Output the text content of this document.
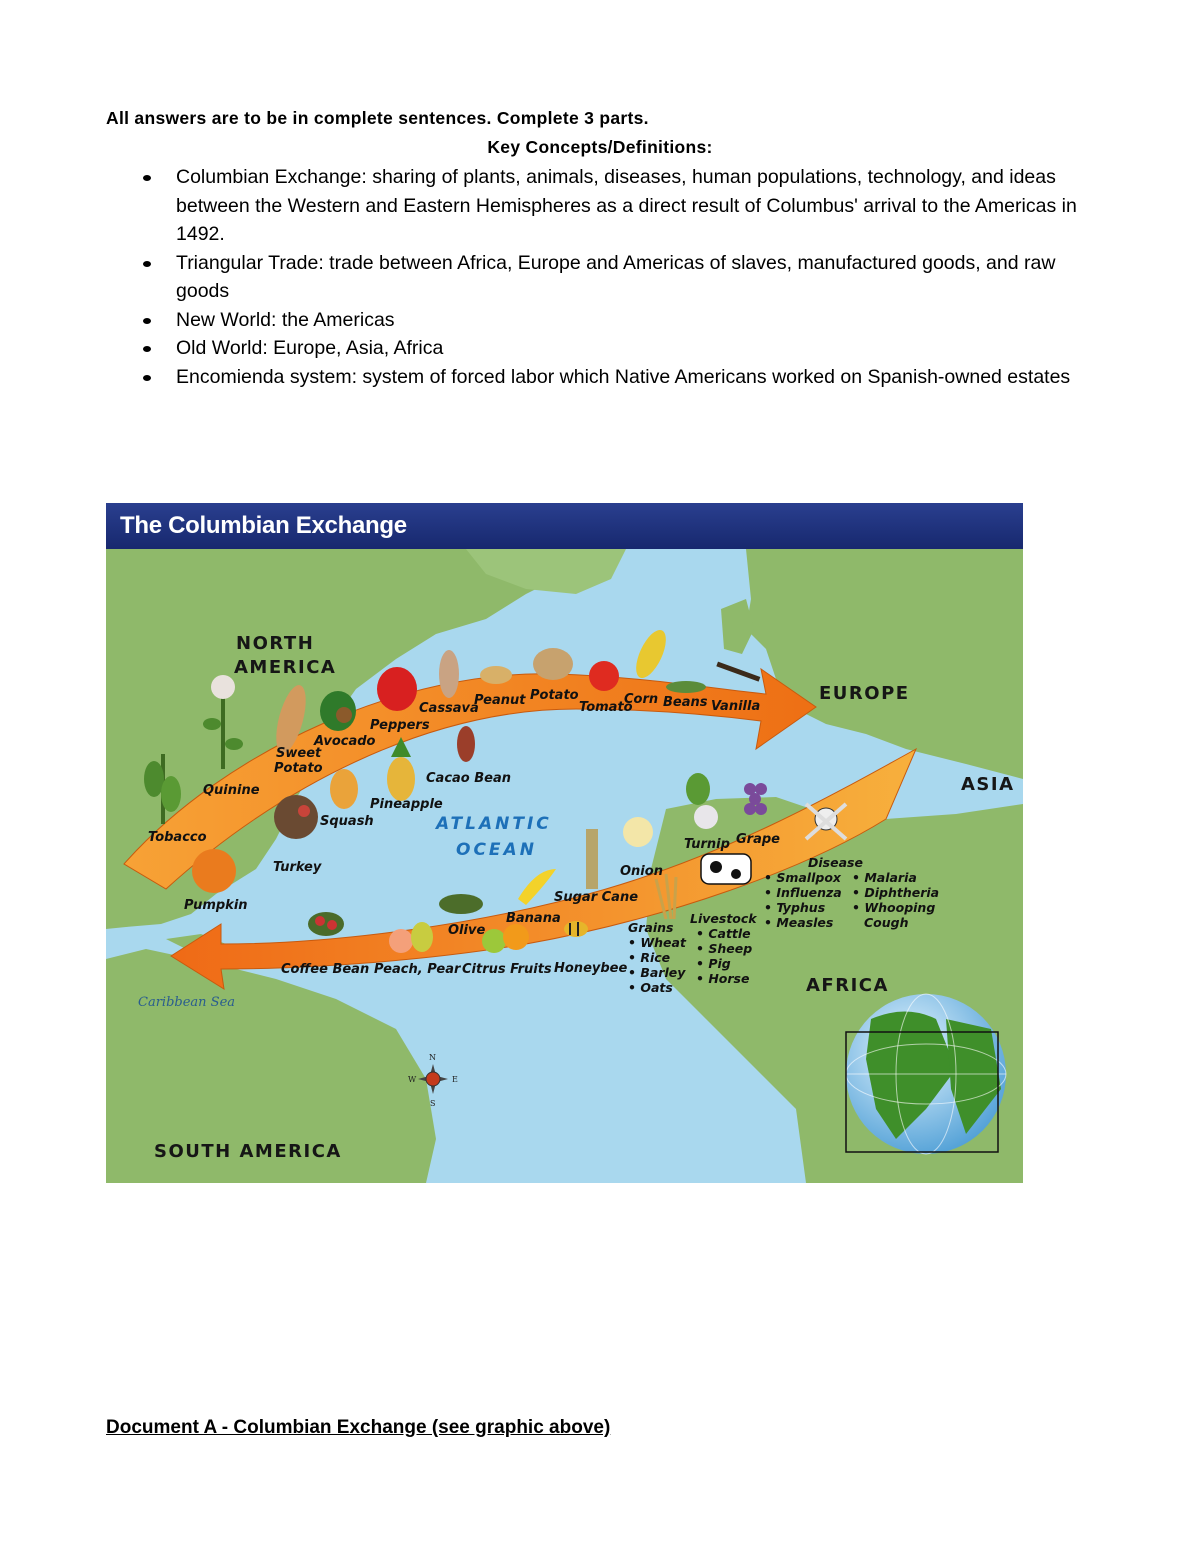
All answers are to be in complete sentences. Complete 3 parts.
Key Concepts/Definitions:
Columbian Exchange: sharing of plants, animals, diseases, human populations, technology, and ideas between the Western and Eastern Hemispheres as a direct result of Columbus' arrival to the Americas in 1492.
Triangular Trade: trade between Africa, Europe and Americas of slaves, manufactured goods, and raw goods
New World: the Americas
Old World: Europe, Asia, Africa
Encomienda system: system of forced labor which Native Americans worked on Spanish-owned estates
The Columbian Exchange
NORTH
AMERICA
EUROPE
ASIA
AFRICA
SOUTH AMERICA
ATLANTIC
OCEAN
Caribbean Sea
Tobacco
Quinine
Sweet
Potato
Turkey
Squash
Pumpkin
Avocado
Peppers
Pineapple
Cassava
Cacao Bean
Peanut Potato
Tomato
Corn Beans Vanilla
Coffee Bean Peach, Pear Citrus Fruits
Olive
Banana
Honeybee
Sugar Cane
Onion
Turnip Grape
Grains
• Wheat
• Rice
• Barley
• Oats
Livestock
• Cattle
• Sheep
• Pig
• Horse
Disease
• Smallpox
• Influenza
• Typhus
• Measles
• Malaria
• Diphtheria
• Whooping
Cough
N
S
E
W
Document A - Columbian Exchange (see graphic above)
